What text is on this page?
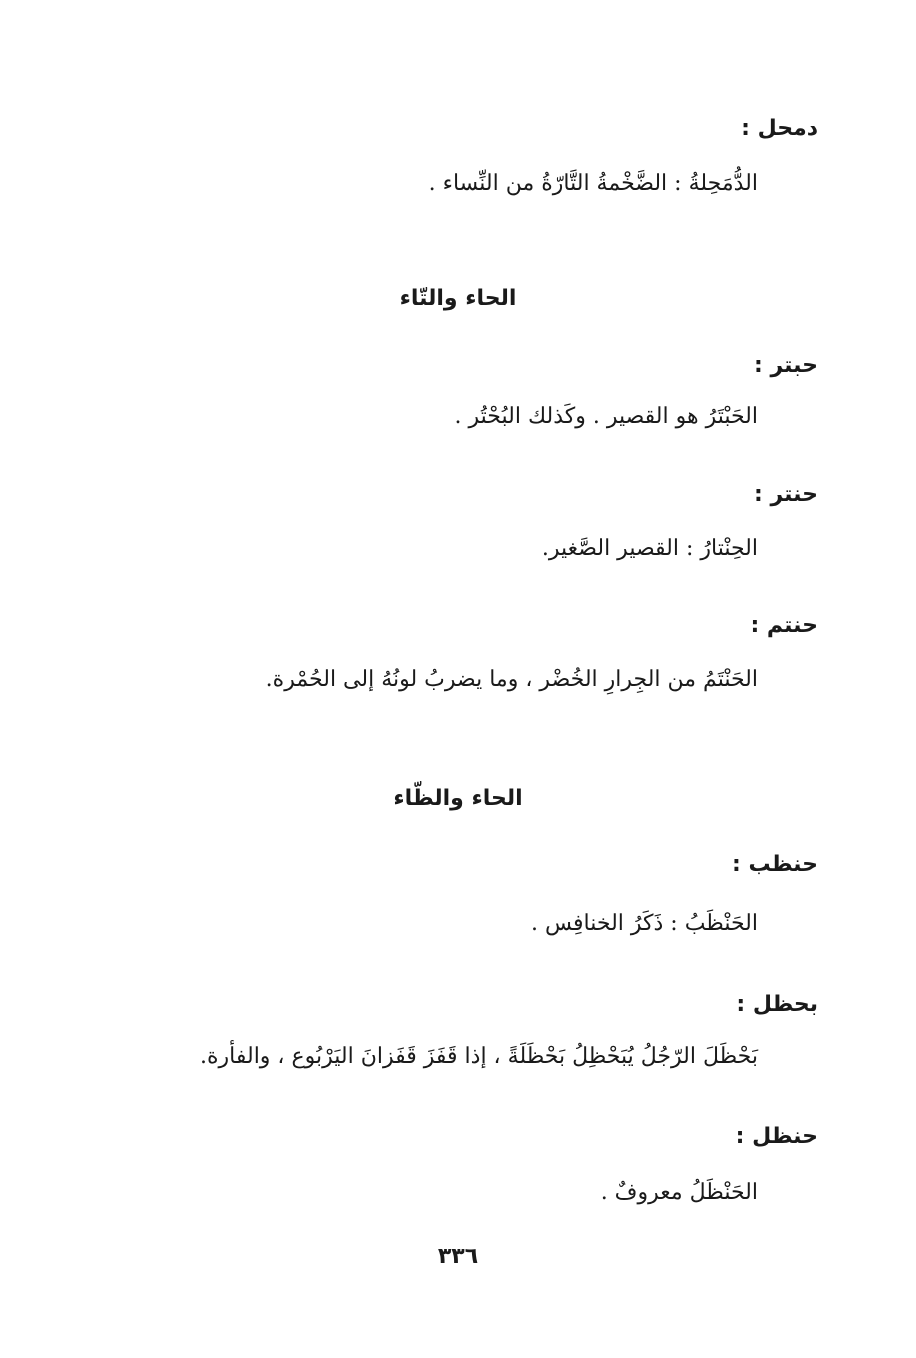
دمحل :
الدُّمَحِلةُ : الضَّخْمةُ التَّارّةُ من النِّساء .
الحاء والتّاء
حبتر :
الحَبْتَرُ هو القصير . وكَذلك البُحْتُر .
حنتر :
الحِنْتارُ : القصير الصَّغير.
حنتم :
الحَنْتَمُ من الجِرارِ الخُضْر ، وما يضربُ لونُهُ إلى الحُمْرة.
الحاء والظّاء
حنظب :
الحَنْظَبُ : ذَكَرُ الخنافِس .
بحظل :
بَحْظَلَ الرّجُلُ يُبَحْظِلُ بَحْظَلَةً ، إذا قَفَزَ قَفَزانَ اليَرْبُوع ، والفأرة.
حنظل :
الحَنْظَلُ معروفٌ .
٣٣٦
